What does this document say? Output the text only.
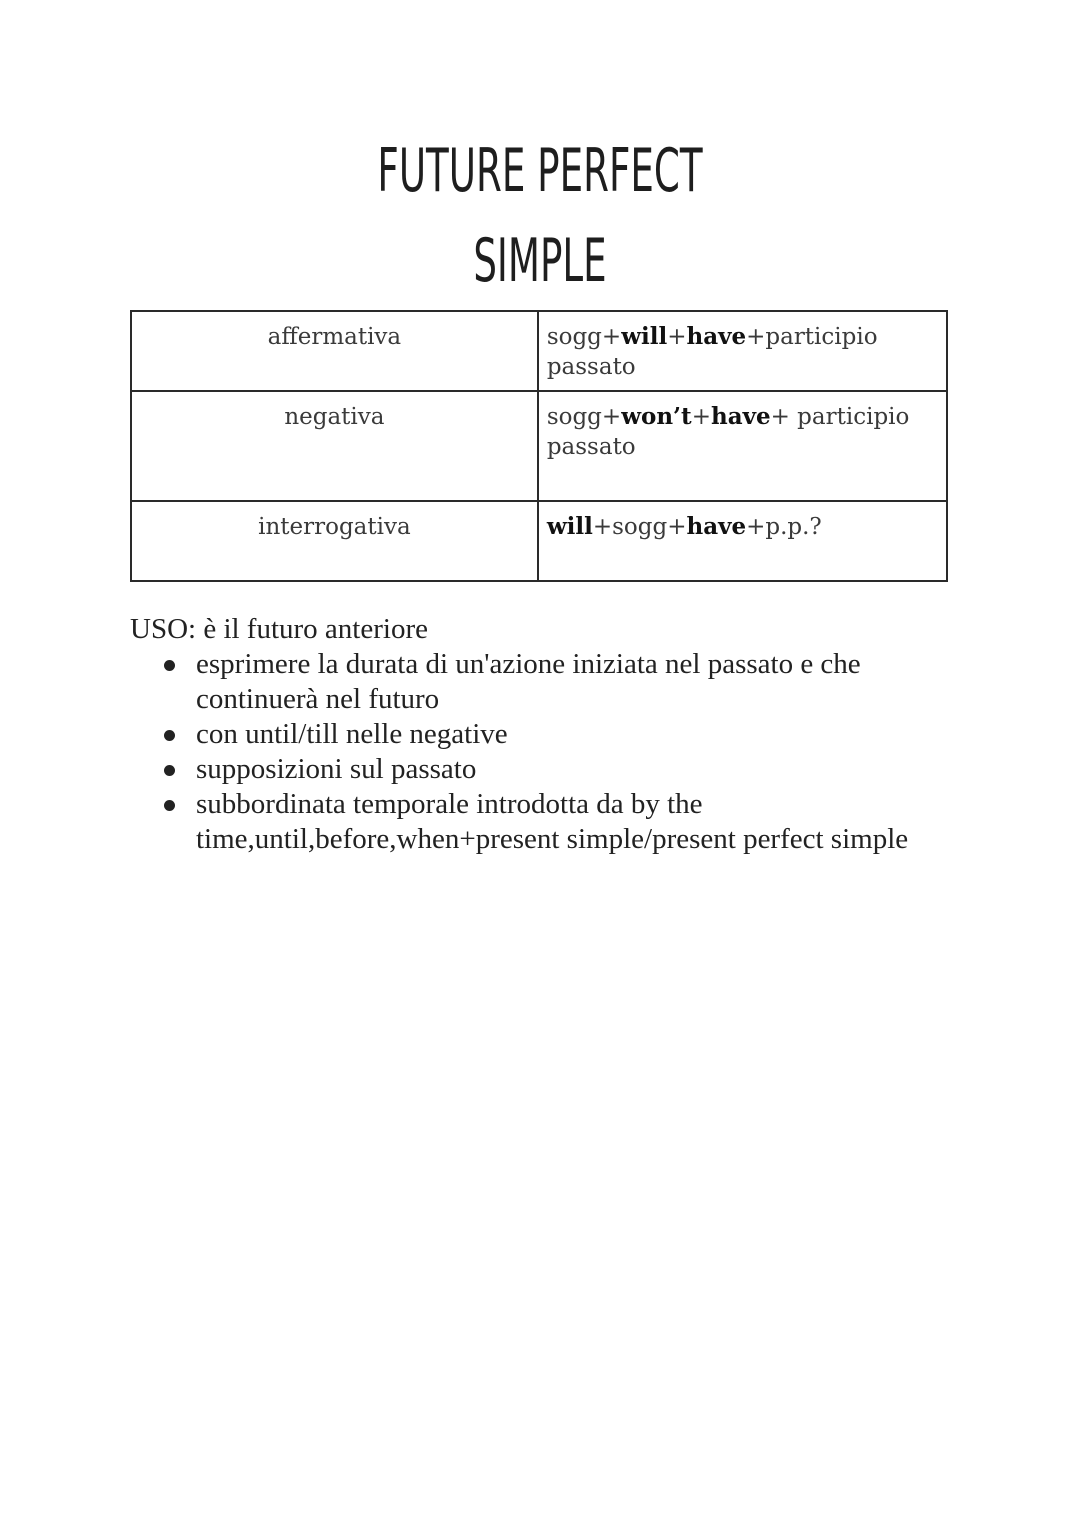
FUTURE PERFECT
SIMPLE
affermativa	sogg+will+have+participio passato
negativa	sogg+won’t+have+ participio passato
interrogativa	will+sogg+have+p.p.?

USO: è il futuro anteriore

esprimere la durata di un'azione iniziata nel passato e che continuerà nel futuro
con until/till nelle negative
supposizioni sul passato
subbordinata temporale introdotta da by the time,until,before,when+present simple/present perfect simple
